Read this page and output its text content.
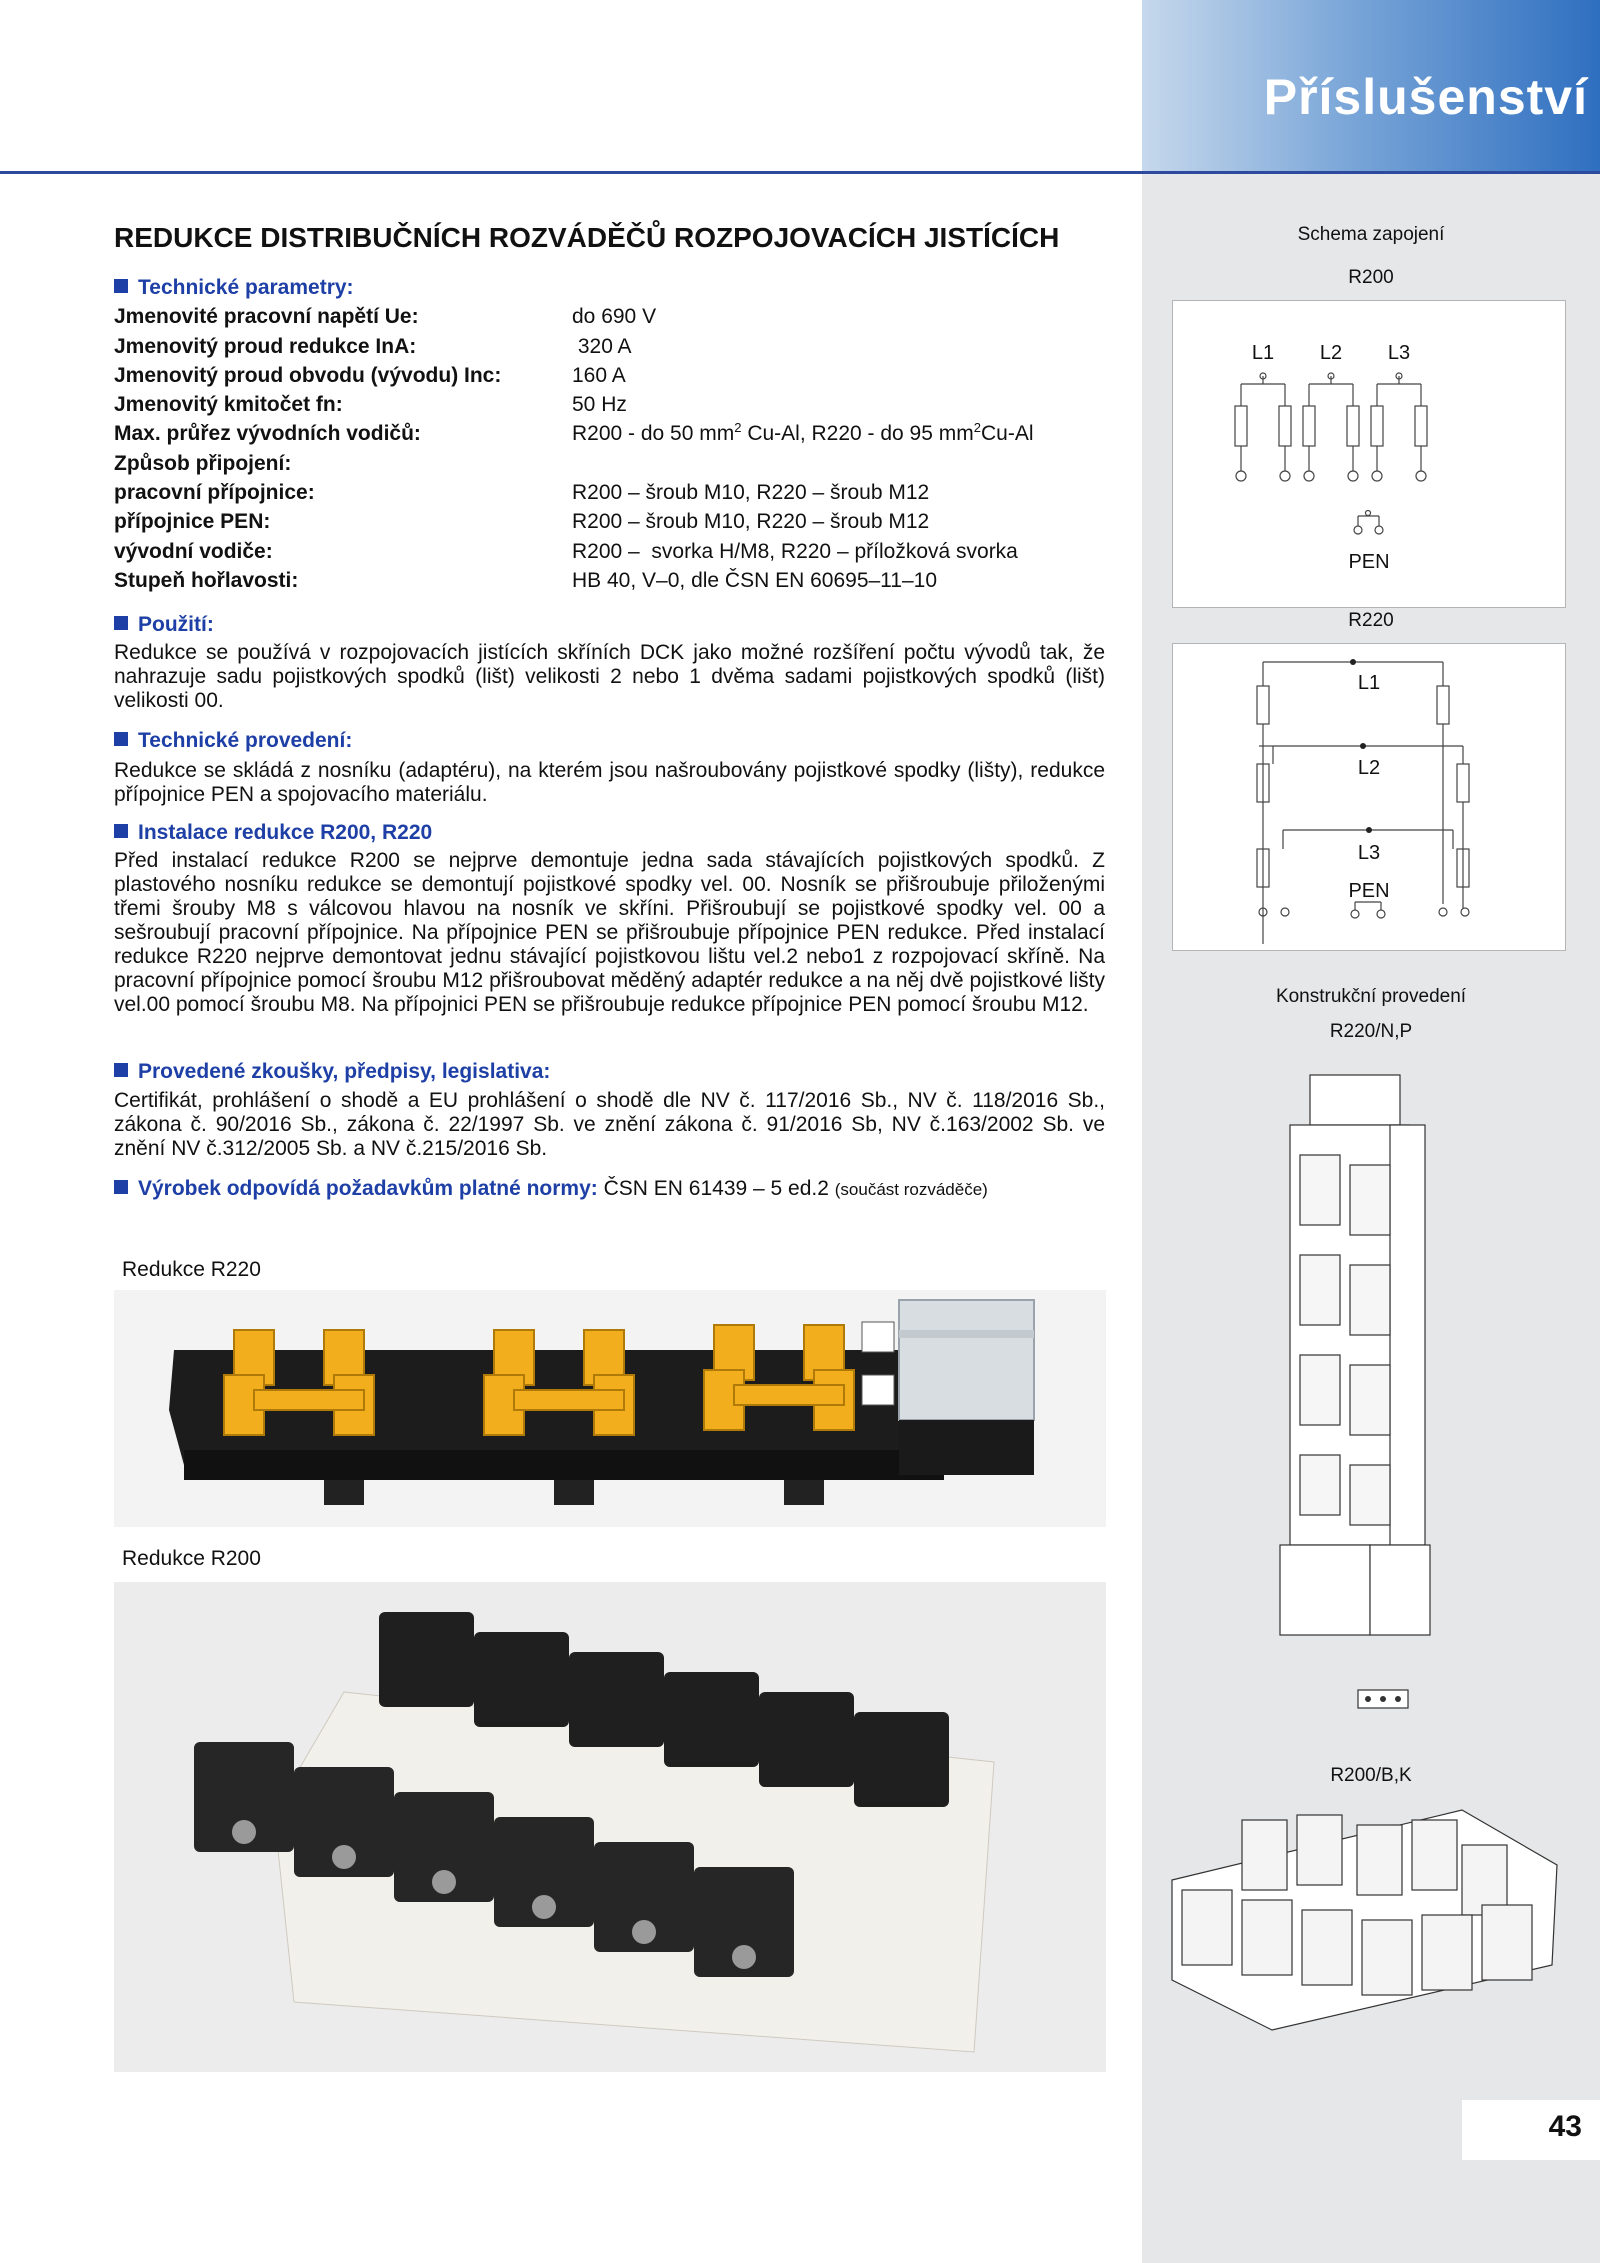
Příslušenství
REDUKCE DISTRIBUČNÍCH ROZVÁDĚČŮ ROZPOJOVACÍCH JISTÍCÍCH
Technické parametry:
Jmenovité pracovní napětí Ue:	do 690 V
Jmenovitý proud redukce InA:	320 A
Jmenovitý proud obvodu (vývodu) Inc:	160 A
Jmenovitý kmitočet fn:	50 Hz
Max. průřez vývodních vodičů:	R200 - do 50 $mm^2$ Cu-Al, R220 - do 95 $mm^2Cu-Al$
Způsob připojení:
pracovní přípojnice:	R200 – šroub M10, R220 – šroub M12
přípojnice PEN:	R200 – šroub M10, R220 – šroub M12
vývodní vodiče:	R200 –  svorka H/M8, R220 – příložková svorka
Stupeň hořlavosti:	HB 40, V–0, dle ČSN EN 60695–11–10
Použití:
Redukce se používá v rozpojovacích jistících skříních DCK jako možné rozšíření počtu vývodů tak, že nahrazuje sadu pojistkových spodků (lišt) velikosti 2 nebo 1 dvěma sadami pojistkových spodků (lišt) velikosti 00.
Technické provedení:
Redukce se skládá z nosníku (adaptéru), na kterém jsou našroubovány pojistkové spodky (lišty), redukce přípojnice PEN a spojovacího materiálu.
Instalace redukce R200, R220
Před instalací redukce R200 se nejprve demontuje jedna sada stávajících pojistkových spodků. Z plastového nosníku redukce se demontují pojistkové spodky vel. 00. Nosník se přišroubuje přiloženými třemi šrouby M8 s válcovou hlavou na nosník ve skříni. Přišroubují se pojistkové spodky vel. 00 a sešroubují pracovní přípojnice. Na přípojnice PEN se přišroubuje přípojnice PEN redukce. Před instalací redukce R220 nejprve demontovat jednu stávající pojistkovou lištu vel.2 nebo1 z rozpojovací skříně. Na pracovní přípojnice pomocí šroubu M12 přišroubovat měděný adaptér redukce a na něj dvě pojistkové lišty vel.00 pomocí šroubu M8. Na přípojnici PEN se přišroubuje redukce přípojnice PEN pomocí šroubu M12.
Provedené zkoušky, předpisy, legislativa:
Certifikát, prohlášení o shodě a EU prohlášení o shodě dle NV č. 117/2016 Sb., NV č. 118/2016 Sb., zákona č. 90/2016 Sb., zákona č. 22/1997 Sb. ve znění zákona č. 91/2016 Sb, NV č.163/2002 Sb. ve znění NV č.312/2005 Sb. a NV č.215/2016 Sb.
Výrobek odpovídá požadavkům platné normy: ČSN EN 61439 – 5 ed.2 (součást rozváděče)
Redukce R220
Redukce R200
Schema zapojení
R200
L1 L2 L3
PEN
R220
L1
L2
L3
PEN
Konstrukční provedení
R220/N,P
R200/B,K
43
